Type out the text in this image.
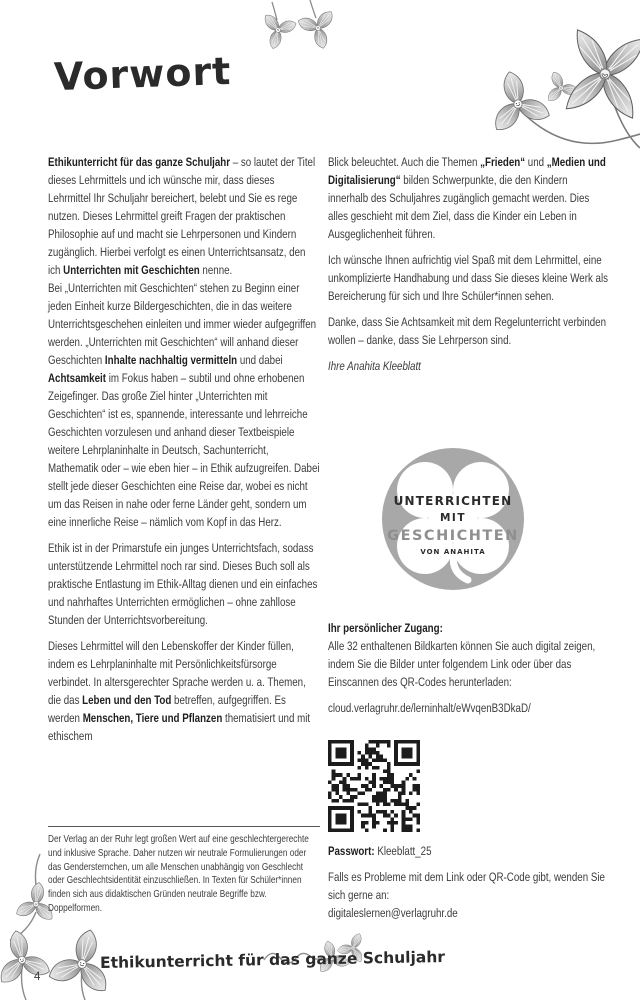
Vorwort

Ethikunterricht für das ganze Schuljahr – so lautet der Titel dieses Lehrmittels und ich wünsche mir, dass dieses Lehrmittel Ihr Schuljahr bereichert, belebt und Sie es rege nutzen. Dieses Lehrmittel greift Fragen der praktischen Philosophie auf und macht sie Lehrpersonen und Kindern zugänglich. Hierbei verfolgt es einen Unterrichtsansatz, den ich Unterrichten mit Geschichten nenne.

Bei „Unterrichten mit Geschichten“ stehen zu Beginn einer jeden Einheit kurze Bildergeschichten, die in das weitere Unterrichtsgeschehen einleiten und immer wieder aufgegriffen werden. „Unterrichten mit Geschichten“ will anhand dieser Geschichten Inhalte nachhaltig vermitteln und dabei Achtsamkeit im Fokus haben – subtil und ohne erhobenen Zeigefinger. Das große Ziel hinter „Unterrichten mit Geschichten“ ist es, spannende, interessante und lehrreiche Geschichten vorzulesen und anhand dieser Textbeispiele weitere Lehrplaninhalte in Deutsch, Sachunterricht, Mathematik oder – wie eben hier – in Ethik aufzugreifen. Dabei stellt jede dieser Geschichten eine Reise dar, wobei es nicht um das Reisen in nahe oder ferne Länder geht, sondern um eine innerliche Reise – nämlich vom Kopf in das Herz.

Ethik ist in der Primarstufe ein junges Unterrichtsfach, sodass unterstützende Lehrmittel noch rar sind. Dieses Buch soll als praktische Entlastung im Ethik-Alltag dienen und ein einfaches und nahrhaftes Unterrichten ermöglichen – ohne zahllose Stunden der Unterrichtsvorbereitung.

Dieses Lehrmittel will den Lebenskoffer der Kinder füllen, indem es Lehrplaninhalte mit Persönlichkeitsfürsorge verbindet. In altersgerechter Sprache werden u. a. Themen, die das Leben und den Tod betreffen, aufgegriffen. Es werden Menschen, Tiere und Pflanzen thematisiert und mit ethischem

Der Verlag an der Ruhr legt großen Wert auf eine geschlechtergerechte und inklusive Sprache. Daher nutzen wir neutrale Formulierungen oder das Gendersternchen, um alle Menschen unabhängig von Geschlecht oder Geschlechtsidentität einzuschließen. In Texten für Schüler*innen finden sich aus didaktischen Gründen neutrale Begriffe bzw. Doppelformen.

Blick beleuchtet. Auch die Themen „Frieden“ und „Medien und Digitalisierung“ bilden Schwerpunkte, die den Kindern innerhalb des Schuljahres zugänglich gemacht werden. Dies alles geschieht mit dem Ziel, dass die Kinder ein Leben in Ausgeglichenheit führen.

Ich wünsche Ihnen aufrichtig viel Spaß mit dem Lehrmittel, eine unkomplizierte Handhabung und dass Sie dieses kleine Werk als Bereicherung für sich und Ihre Schüler*innen sehen.

Danke, dass Sie Achtsamkeit mit dem Regelunterricht verbinden wollen – danke, dass Sie Lehrperson sind.

Ihre Anahita Kleeblatt

UNTERRICHTEN
MIT
GESCHICHTEN
VON ANAHITA

Ihr persönlicher Zugang:

Alle 32 enthaltenen Bildkarten können Sie auch digital zeigen, indem Sie die Bilder unter folgendem Link oder über das Einscannen des QR-Codes herunterladen:

cloud.verlagruhr.de/lerninhalt/eWvqenB3DkaD/

Passwort: Kleeblatt_25

Falls es Probleme mit dem Link oder QR-Code gibt, wenden Sie sich gerne an:

digitaleslernen@verlagruhr.de

4
Ethikunterricht für das ganze Schuljahr
